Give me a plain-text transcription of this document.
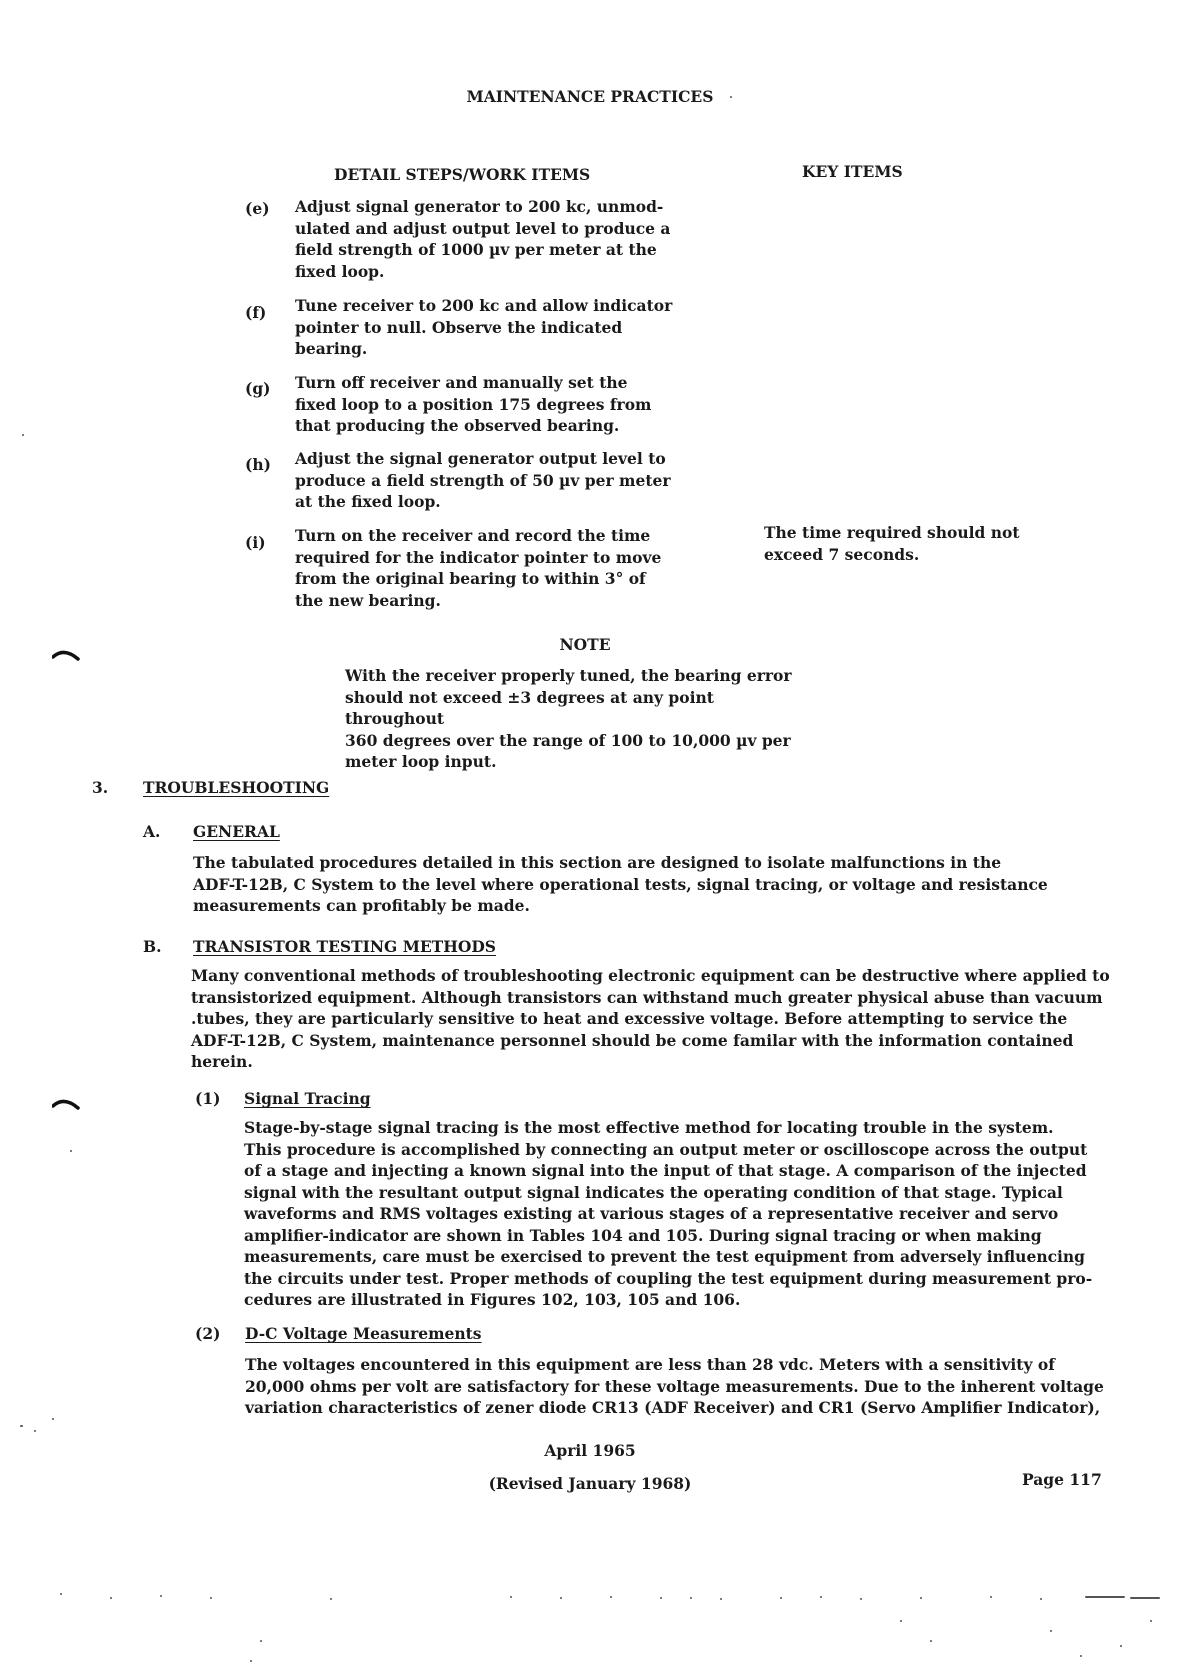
MAINTENANCE PRACTICES
DETAIL STEPS/WORK ITEMS	KEY ITEMS
(e) Adjust signal generator to 200 kc, unmod-
ulated and adjust output level to produce a
field strength of 1000 µv per meter at the
fixed loop.
(f) Tune receiver to 200 kc and allow indicator
pointer to null. Observe the indicated
bearing.
(g) Turn off receiver and manually set the
fixed loop to a position 175 degrees from
that producing the observed bearing.
(h) Adjust the signal generator output level to
produce a field strength of 50 µv per meter
at the fixed loop.
(i) Turn on the receiver and record the time
required for the indicator pointer to move
from the original bearing to within 3° of
the new bearing.
The time required should not
exceed 7 seconds.
NOTE
With the receiver properly tuned, the bearing error
should not exceed ±3 degrees at any point throughout
360 degrees over the range of 100 to 10,000 µv per
meter loop input.
3. TROUBLESHOOTING
A. GENERAL
The tabulated procedures detailed in this section are designed to isolate malfunctions in the
ADF-T-12B, C System to the level where operational tests, signal tracing, or voltage and resistance
measurements can profitably be made.
B. TRANSISTOR TESTING METHODS
Many conventional methods of troubleshooting electronic equipment can be destructive where applied to
transistorized equipment. Although transistors can withstand much greater physical abuse than vacuum
.tubes, they are particularly sensitive to heat and excessive voltage. Before attempting to service the
ADF-T-12B, C System, maintenance personnel should be come familar with the information contained
herein.
(1) Signal Tracing
Stage-by-stage signal tracing is the most effective method for locating trouble in the system.
This procedure is accomplished by connecting an output meter or oscilloscope across the output
of a stage and injecting a known signal into the input of that stage. A comparison of the injected
signal with the resultant output signal indicates the operating condition of that stage. Typical
waveforms and RMS voltages existing at various stages of a representative receiver and servo
amplifier-indicator are shown in Tables 104 and 105. During signal tracing or when making
measurements, care must be exercised to prevent the test equipment from adversely influencing
the circuits under test. Proper methods of coupling the test equipment during measurement pro-
cedures are illustrated in Figures 102, 103, 105 and 106.
(2) D-C Voltage Measurements
The voltages encountered in this equipment are less than 28 vdc. Meters with a sensitivity of
20,000 ohms per volt are satisfactory for these voltage measurements. Due to the inherent voltage
variation characteristics of zener diode CR13 (ADF Receiver) and CR1 (Servo Amplifier Indicator),
April 1965
(Revised January 1968)	Page 117
